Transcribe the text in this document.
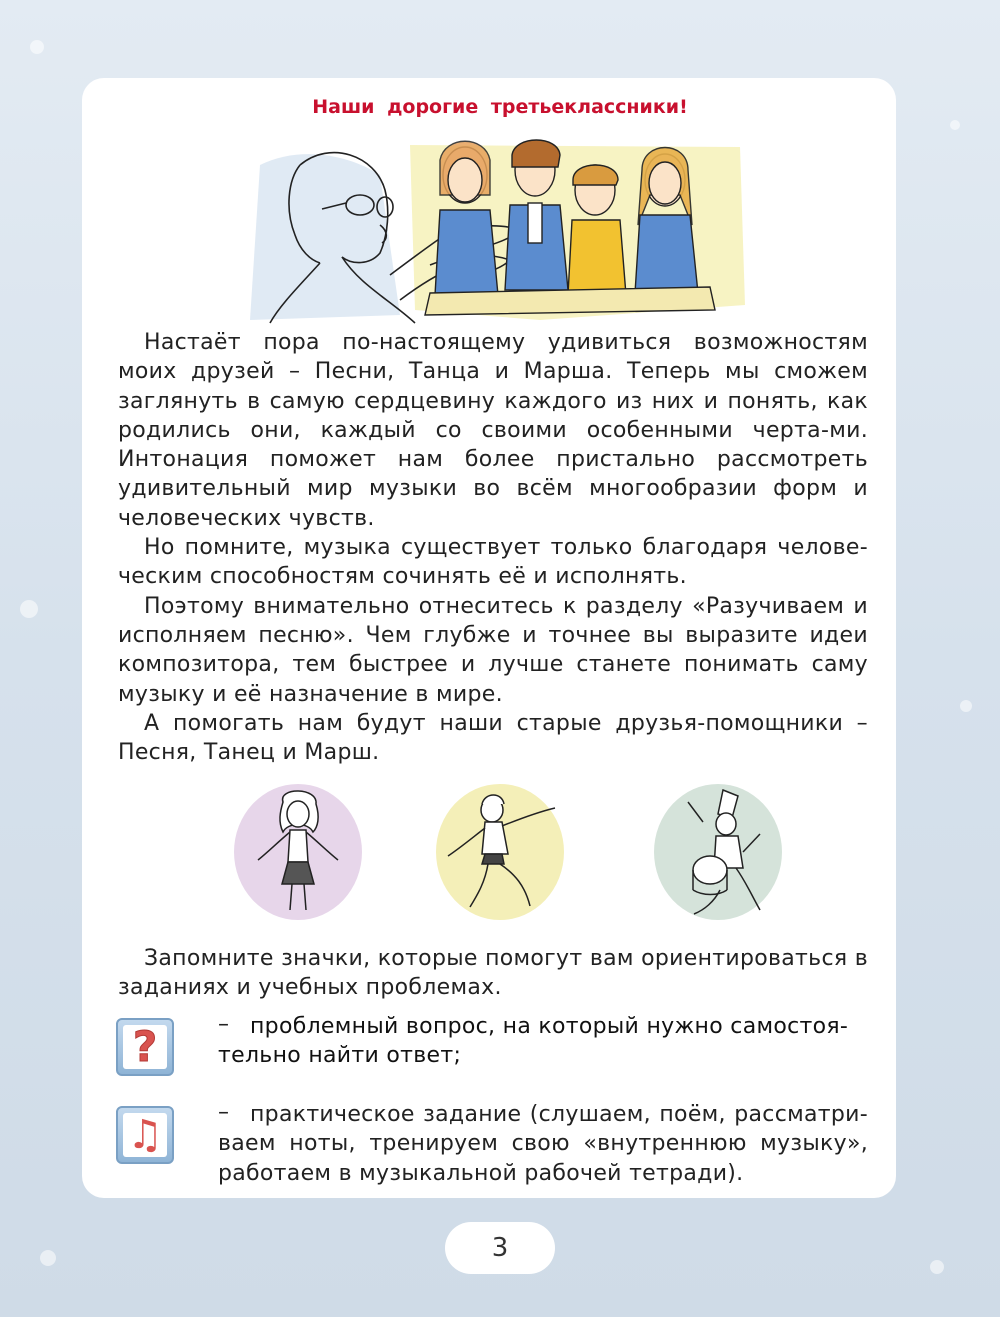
Наши дорогие третьеклассники!

Настаёт пора по-настоящему удивиться возможностям моих друзей – Песни, Танца и Марша. Теперь мы сможем заглянуть в самую сердцевину каждого из них и понять, как родились они, каждый со своими особенными черта-ми. Интонация поможет нам более пристально рассмотреть удивительный мир музыки во всём многообразии форм и человеческих чувств.

Но помните, музыка существует только благодаря челове-ческим способностям сочинять её и исполнять.

Поэтому внимательно отнеситесь к разделу «Разучиваем и исполняем песню». Чем глубже и точнее вы выразите идеи композитора, тем быстрее и лучше станете понимать саму музыку и её назначение в мире.

А помогать нам будут наши старые друзья-помощники – Песня, Танец и Марш.

Запомните значки, которые помогут вам ориентироваться в заданиях и учебных проблемах.

?	– проблемный вопрос, на который нужно самостоя-тельно найти ответ;
♫	– практическое задание (слушаем, поём, рассматри-ваем ноты, тренируем свою «внутреннюю музыку», работаем в музыкальной рабочей тетради).
3
